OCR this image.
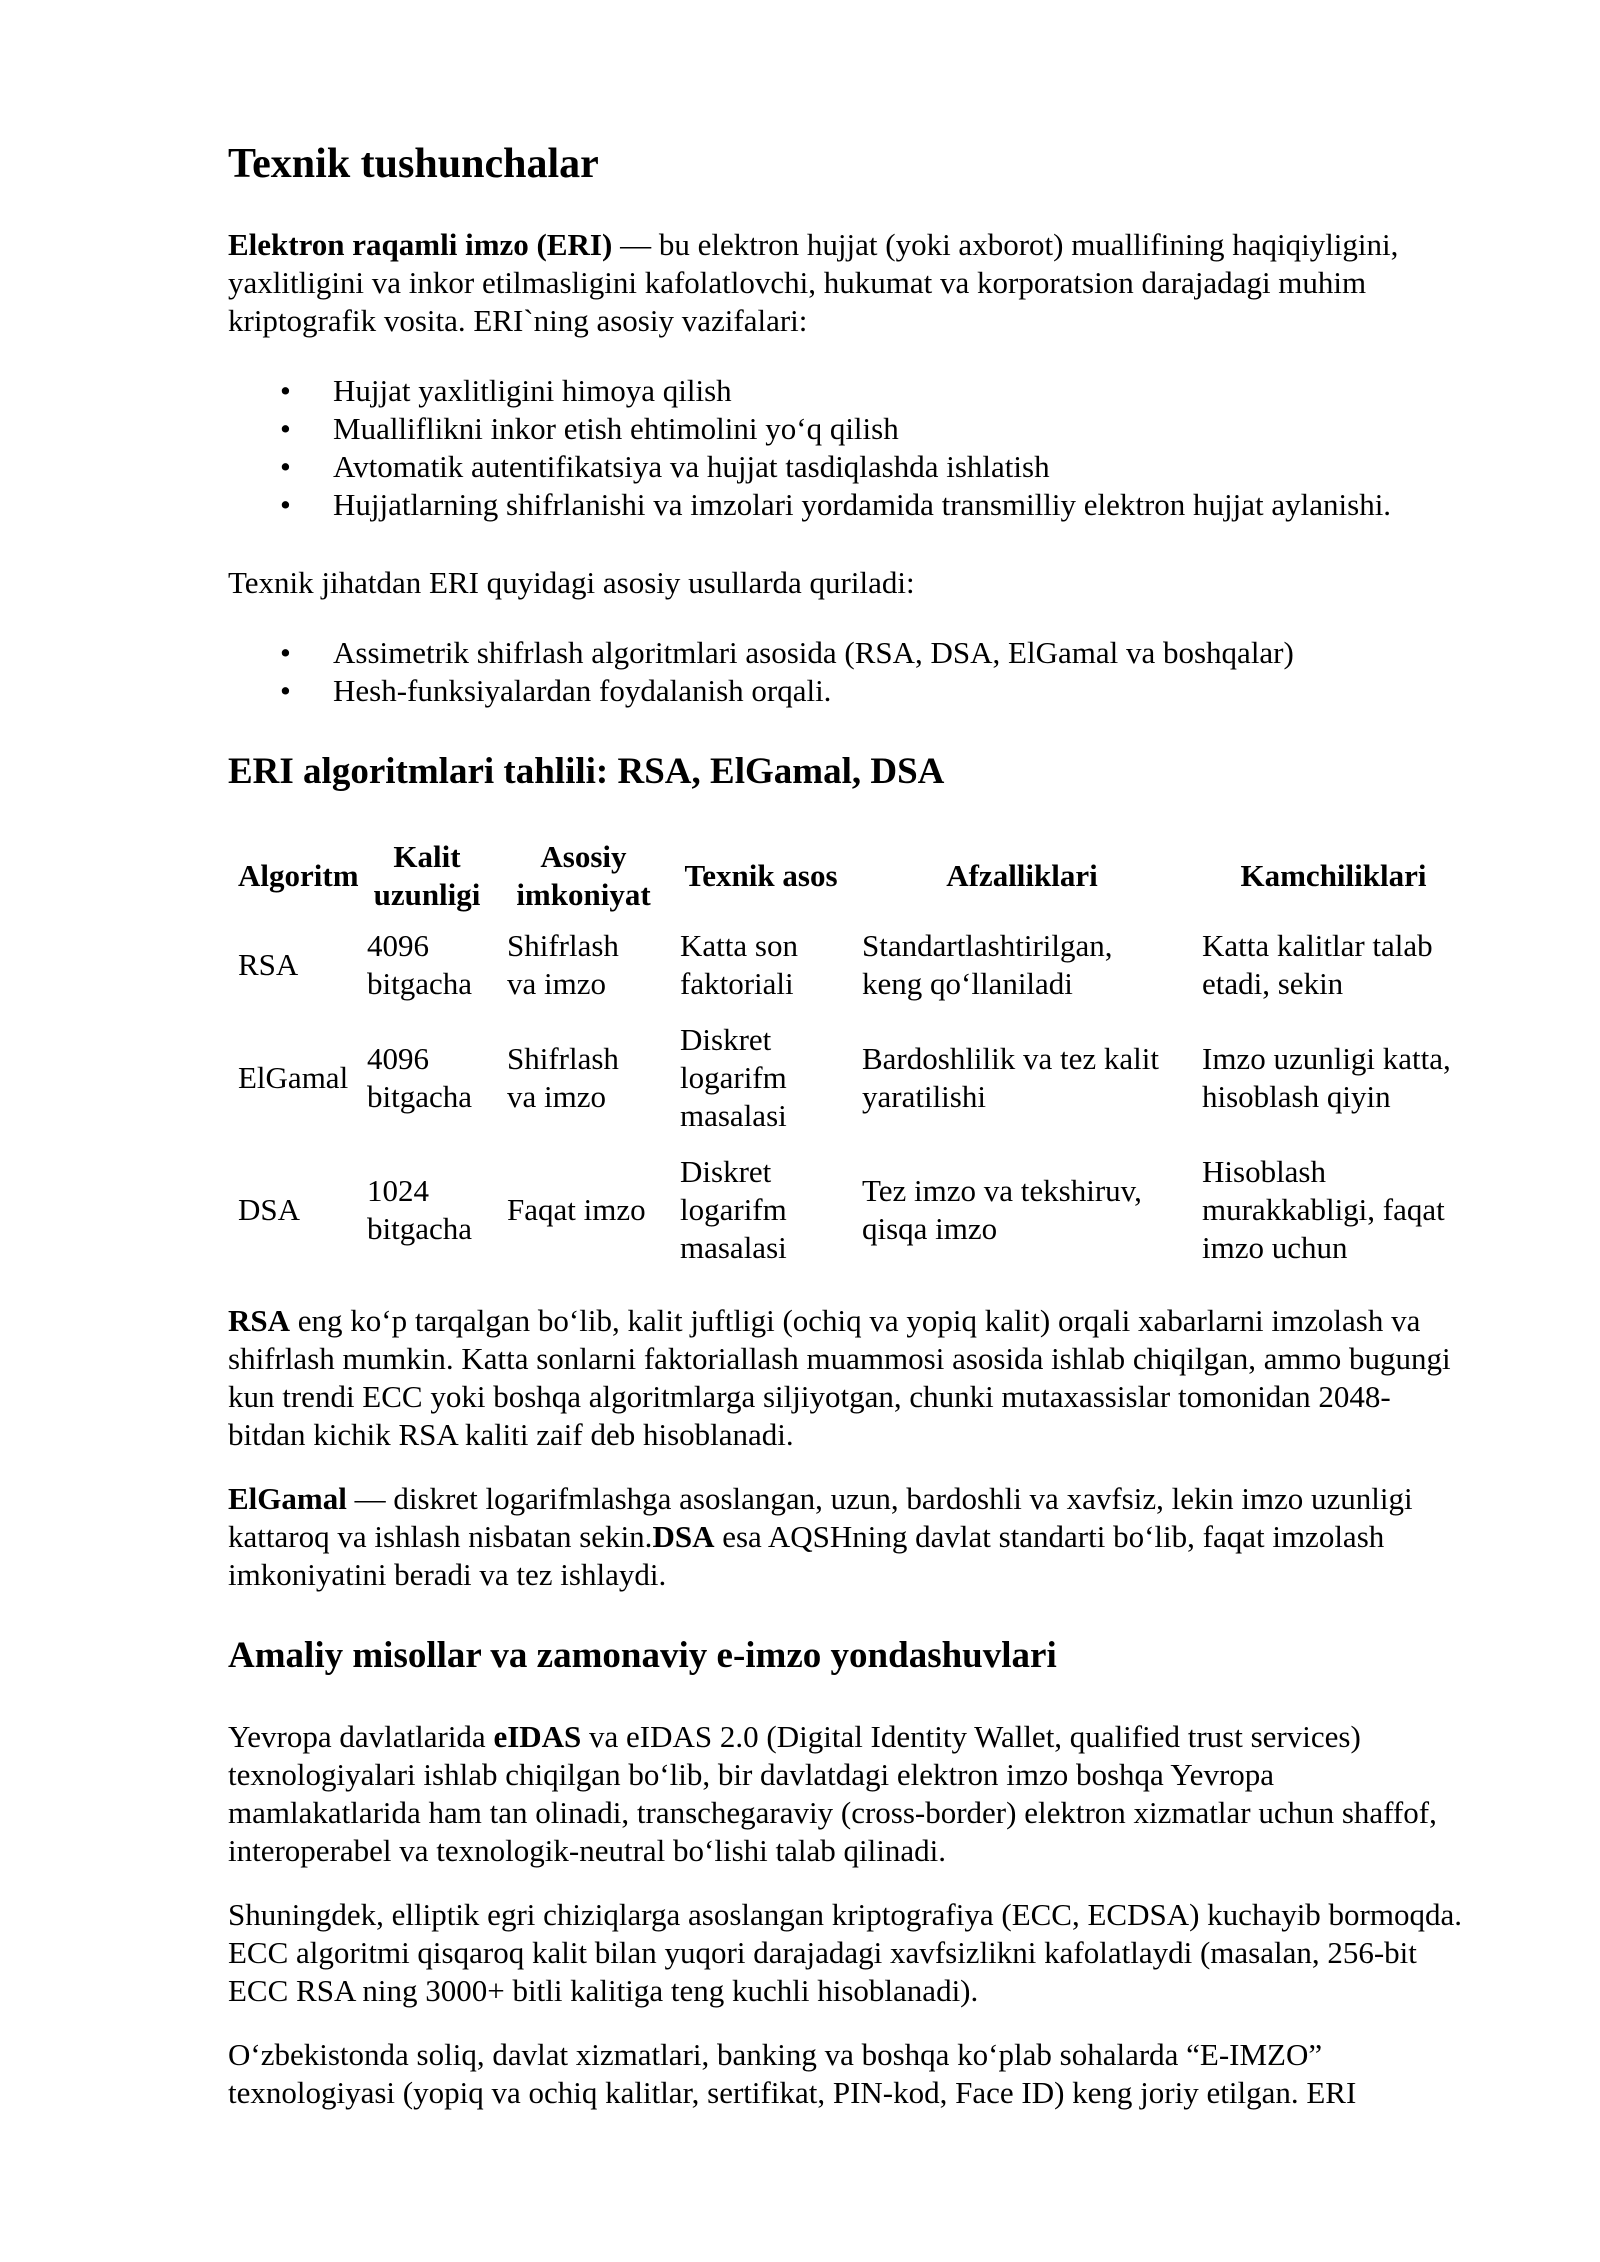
Texnik tushunchalar

Elektron raqamli imzo (ERI) — bu elektron hujjat (yoki axborot) muallifining haqiqiyligini, yaxlitligini va inkor etilmasligini kafolatlovchi, hukumat va korporatsion darajadagi muhim kriptografik vosita. ERI`ning asosiy vazifalari:

• Hujjat yaxlitligini himoya qilish
• Mualliflikni inkor etish ehtimolini yo‘q qilish
• Avtomatik autentifikatsiya va hujjat tasdiqlashda ishlatish
• Hujjatlarning shifrlanishi va imzolari yordamida transmilliy elektron hujjat aylanishi.

Texnik jihatdan ERI quyidagi asosiy usullarda quriladi:

• Assimetrik shifrlash algoritmlari asosida (RSA, DSA, ElGamal va boshqalar)
• Hesh-funksiyalardan foydalanish orqali.
ERI algoritmlari tahlili: RSA, ElGamal, DSA
Algoritm	Kalit uzunligi	Asosiy imkoniyat	Texnik asos	Afzalliklari	Kamchiliklari
RSA	4096 bitgacha	Shifrlash va imzo	Katta son faktoriali	Standartlashtirilgan, keng qo‘llaniladi	Katta kalitlar talab etadi, sekin
ElGamal	4096 bitgacha	Shifrlash va imzo	Diskret logarifm masalasi	Bardoshlilik va tez kalit yaratilishi	Imzo uzunligi katta, hisoblash qiyin
DSA	1024 bitgacha	Faqat imzo	Diskret logarifm masalasi	Tez imzo va tekshiruv, qisqa imzo	Hisoblash murakkabligi, faqat imzo uchun

RSA eng ko‘p tarqalgan bo‘lib, kalit juftligi (ochiq va yopiq kalit) orqali xabarlarni imzolash va shifrlash mumkin. Katta sonlarni faktoriallash muammosi asosida ishlab chiqilgan, ammo bugungi kun trendi ECC yoki boshqa algoritmlarga siljiyotgan, chunki mutaxassislar tomonidan 2048-bitdan kichik RSA kaliti zaif deb hisoblanadi.

ElGamal — diskret logarifmlashga asoslangan, uzun, bardoshli va xavfsiz, lekin imzo uzunligi kattaroq va ishlash nisbatan sekin.DSA esa AQSHning davlat standarti bo‘lib, faqat imzolash imkoniyatini beradi va tez ishlaydi.

Amaliy misollar va zamonaviy e-imzo yondashuvlari

Yevropa davlatlarida eIDAS va eIDAS 2.0 (Digital Identity Wallet, qualified trust services) texnologiyalari ishlab chiqilgan bo‘lib, bir davlatdagi elektron imzo boshqa Yevropa mamlakatlarida ham tan olinadi, transchegaraviy (cross-border) elektron xizmatlar uchun shaffof, interoperabel va texnologik-neutral bo‘lishi talab qilinadi.

Shuningdek, elliptik egri chiziqlarga asoslangan kriptografiya (ECC, ECDSA) kuchayib bormoqda. ECC algoritmi qisqaroq kalit bilan yuqori darajadagi xavfsizlikni kafolatlaydi (masalan, 256-bit ECC RSA ning 3000+ bitli kalitiga teng kuchli hisoblanadi).

O‘zbekistonda soliq, davlat xizmatlari, banking va boshqa ko‘plab sohalarda “E-IMZO” texnologiyasi (yopiq va ochiq kalitlar, sertifikat, PIN-kod, Face ID) keng joriy etilgan. ERI
